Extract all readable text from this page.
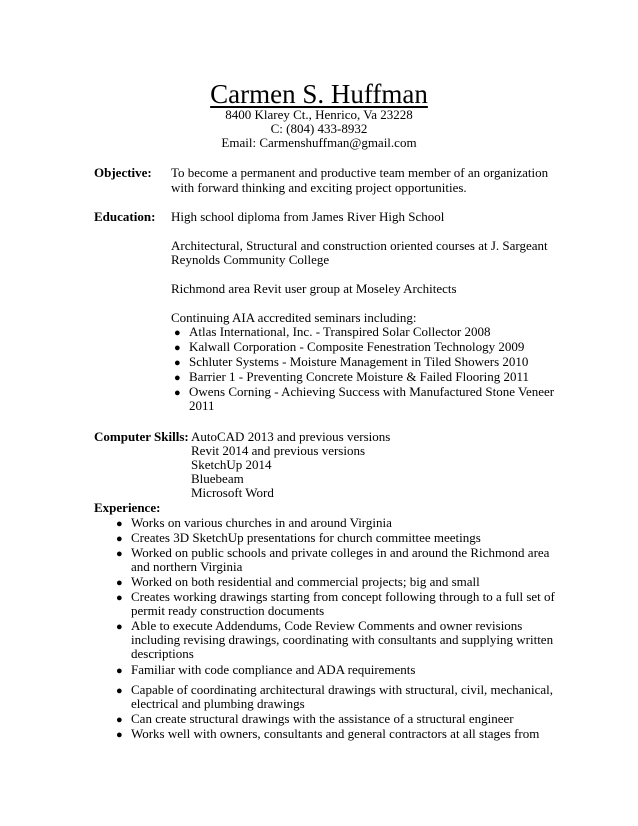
Carmen S. Huffman
8400 Klarey Ct., Henrico, Va 23228
C: (804) 433-8932
Email: Carmenshuffman@gmail.com
Objective: To become a permanent and productive team member of an organization
with forward thinking and exciting project opportunities.
Education: High school diploma from James River High School
Architectural, Structural and construction oriented courses at J. Sargeant
Reynolds Community College
Richmond area Revit user group at Moseley Architects
Continuing AIA accredited seminars including:
● Atlas International, Inc. - Transpired Solar Collector 2008
● Kalwall Corporation - Composite Fenestration Technology 2009
● Schluter Systems - Moisture Management in Tiled Showers 2010
● Barrier 1 - Preventing Concrete Moisture & Failed Flooring 2011
● Owens Corning - Achieving Success with Manufactured Stone Veneer
2011
Computer Skills: AutoCAD 2013 and previous versions
Revit 2014 and previous versions
SketchUp 2014
Bluebeam
Microsoft Word
Experience:
● Works on various churches in and around Virginia
● Creates 3D SketchUp presentations for church committee meetings
● Worked on public schools and private colleges in and around the Richmond area
and northern Virginia
● Worked on both residential and commercial projects; big and small
● Creates working drawings starting from concept following through to a full set of
permit ready construction documents
● Able to execute Addendums, Code Review Comments and owner revisions
including revising drawings, coordinating with consultants and supplying written
descriptions
● Familiar with code compliance and ADA requirements
● Capable of coordinating architectural drawings with structural, civil, mechanical,
electrical and plumbing drawings
● Can create structural drawings with the assistance of a structural engineer
● Works well with owners, consultants and general contractors at all stages from
